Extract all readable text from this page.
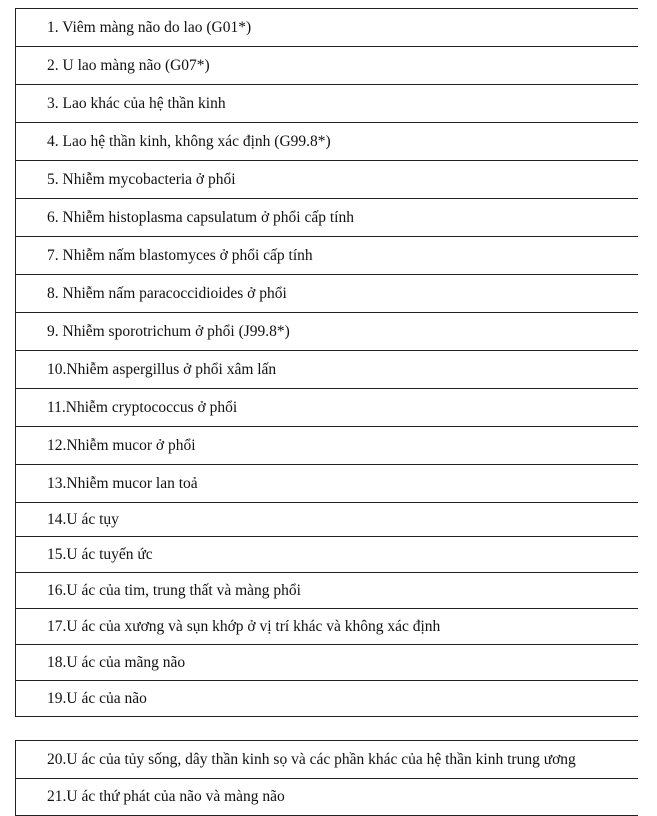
1. Viêm màng não do lao (G01*)
2. U lao màng não (G07*)
3. Lao khác của hệ thần kinh
4. Lao hệ thần kinh, không xác định (G99.8*)
5. Nhiễm mycobacteria ở phổi
6. Nhiễm histoplasma capsulatum ở phổi cấp tính
7. Nhiễm nấm blastomyces ở phổi cấp tính
8. Nhiễm nấm paracoccidioides ở phổi
9. Nhiễm sporotrichum ở phổi (J99.8*)
10.Nhiễm aspergillus ở phổi xâm lấn
11.Nhiễm cryptococcus ở phổi
12.Nhiễm mucor ở phổi
13.Nhiễm mucor lan toả
14.U ác tụy
15.U ác tuyến ức
16.U ác của tim, trung thất và màng phổi
17.U ác của xương và sụn khớp ở vị trí khác và không xác định
18.U ác của mãng não
19.U ác của não
20.U ác của tủy sống, dây thần kinh sọ và các phần khác của hệ thần kinh trung ương
21.U ác thứ phát của não và màng não
